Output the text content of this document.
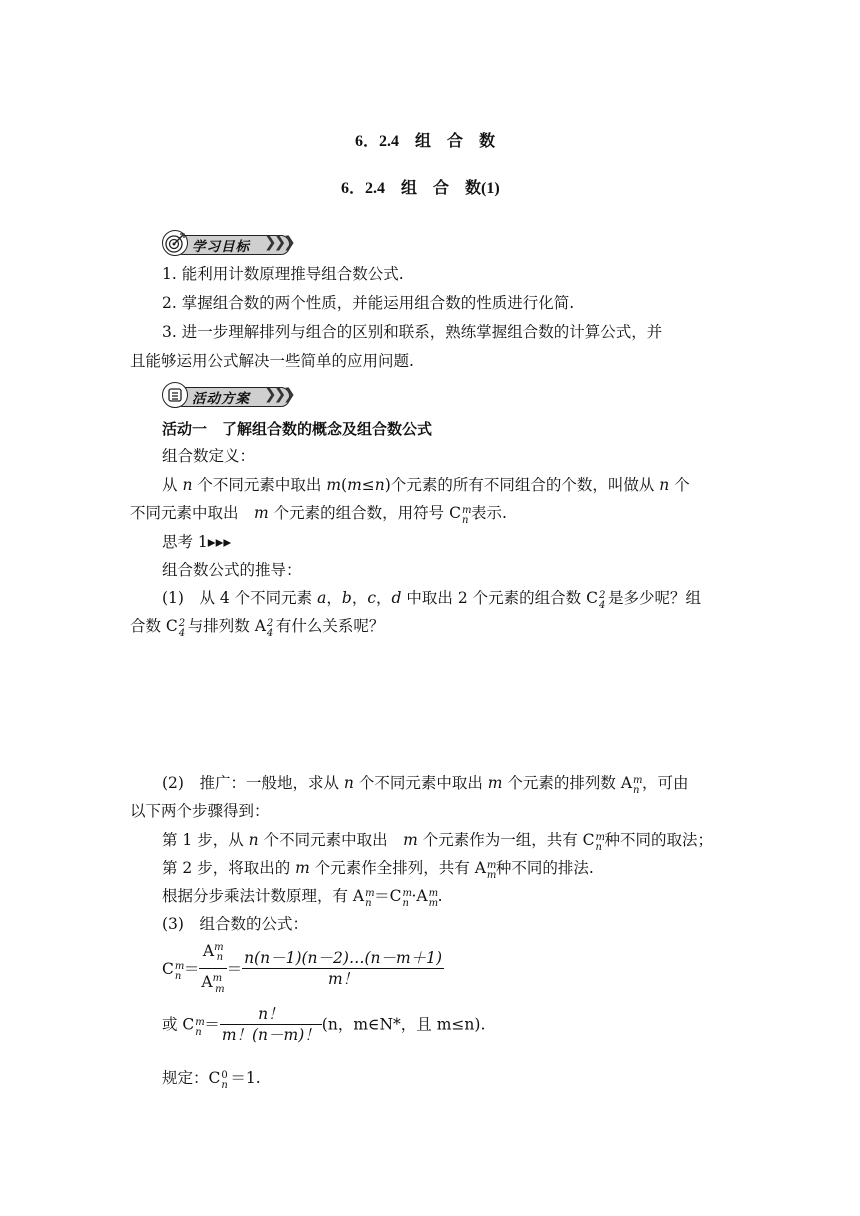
6．2.4　组　合　数
6．2.4　组　合　数(1)
学习目标 ❯❯❯
1. 能利用计数原理推导组合数公式.
2. 掌握组合数的两个性质，并能运用组合数的性质进行化简.
3. 进一步理解排列与组合的区别和联系，熟练掌握组合数的计算公式，并
且能够运用公式解决一些简单的应用问题.
活动方案 ❯❯❯
活动一　了解组合数的概念及组合数公式
组合数定义：
从 n 个不同元素中取出 m(m≤n)个元素的所有不同组合的个数，叫做从 n 个
不同元素中取出　 m 个元素的组合数，用符号 C m
n 表示.
思考 1▸▸▸
组合数公式的推导：
(1)　从 4 个不同元素 a，b，c，d 中取出 2 个元素的组合数 C 2
4 是多少呢？组
合数 C 2
4 与排列数 A 2
4 有什么关系呢？
(2)　推广：一般地，求从 n 个不同元素中取出 m 个元素的排列数 A m
n ，可由
以下两个步骤得到：
第 1 步，从 n 个不同元素中取出　 m 个元素作为一组，共有 C m
n 种不同的取法；
第 2 步，将取出的 m 个元素作全排列，共有 A m
m 种不同的排法.
根据分步乘法计数原理，有 A m
n ＝C m
n ·A m
m .
(3)　组合数的公式：
C m
$n = \frac{A^m_n}{A^m_m} = \frac{n(n-1)(n-2)\dots(n-m+1)}{m!}$
或 C m
$n = \frac{n!}{m!(n-m)!} (n$，m∈N*，且 m≤n).
规定：C 0
n ＝1.
